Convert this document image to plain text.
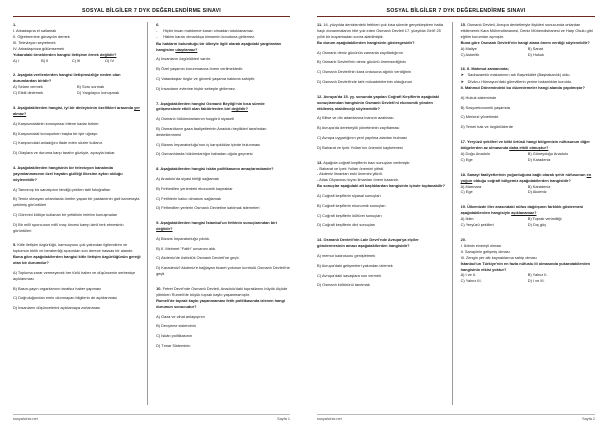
SOSYAL BİLGİLER 7 DYK DEĞERLENDİRME SINAVI

1.

I. Arkadaşına el sallamak

II. Öğretmenine günaydın demek

III. Televizyon seyretmek

IV. Arkadaşınıza gülümsemek

Yukarıdaki örneklerden hangisi iletişime örnek değildir?

A) I	B) II	C) III	D) IV

2. Aşağıda verilenlerden hangisi iletişimsizliğe neden olan durumlardan biridir?

A) Selam vermek	B) Soru sormak
C) Etkili dinlemek	D) Yargılayıcı konuşmak

3. Aşağıdakilerden hangisi, iyi bir dinleyicinin özellikleri arasında yer almaz?

A) Karşısındakinin konuşması bitene kadar bekler.

B) Karşısındaki konuşurken başka bir işle uğraşır.

C) Karşısındaki anladığını ifade eden sözler kullanır.

D) Olaylara ve duruma karşı tarafın gözüyle, açısıyla bakar.

4. Aşağıdakilerden hangisinin bir televizyon kanalında yayımlanmasının özel hayatın gizliliği ilkesine aykırı olduğu söylenebilir?

A) Tanınmış bir sanatçının bindiği çekilen tatil fotoğrafları

B) Temiz olmayan ortamlarda üretim yapan bir pastanenin gizli kamerayla çekilmiş görüntüleri

C) Görevini kötüye kullanan bir yetkilinin telefon konuşmaları

D) Bir millî sporcunun millî maç öncesi kamp izinli terk etmesinin görüntüleri

5. Kitle iletişim özgürlüğü, kamuoyunu çok yakından ilgilendiren ve toplumun birlik ve beraberliği açısından son derece hassas bir alandır.

Buna göre aşağıdakilerden hangisi kitle iletişim özgürlüğünün gereği olan bir durumdur?

A) Topluma zarar vermeyecek her türlü haber ve düşüncenin serbestçe açıklanması

B) Basın-yayın organlarının tarafsız haber yapması

C) Doğruluğundan emin olunmayan bilgilerin de açıklanması

D) İnsanların düşüncelerini açıklamaya zorlanması

6.

- Hiçbir insan mahkeme kararı olmadan tutuklanamaz.
- Hâkim kararı olmadıkça kimsenin konutuna girilemez.

Bu hakların bulunduğu bir ülkeyle ilgili olarak aşağıdaki yargılardan hangisine ulaşılamaz?

A) İnsanların özgürlükleri vardır.

B) Özel yaşamın korunmasına önem verilmektedir.

C) Vatandaşlar özgür ve güvenli yaşama hakkına sahiptir.

D) İnsanların evlerine hiçbir sebeple girilemez.

7. Aşağıdakilerden hangisi Osmanlı Beyliği'nin kısa sürede gelişmesinde etkili olan faktörlerden biri değildir?

A) Osmanlı hükümdarlarının hoşgörü siyaseti

B) Osmanlıların gaza faaliyetlerinin Anadolu beylikleri tarafından desteklenmesi

C) Bizans İmparatorluğu'nun iç karışıklıklar içinde bulunması

D) Osmanlılarda hükümdarlığın babadan oğula geçmesi

8. Aşağıdakilerden hangisi iskân politikasının amaçlarındandır?

A) Anadolu'da siyasi birliği sağlamak

B) Fethedilen yerlerdeki ekonomik kaynaklar

C) Fetihlerin kalıcı olmasını sağlamak

D) Fethedilen yerlerin Osmanlı Devletine katılmak istemeleri

9. Aşağıdakilerden hangisi İstanbul'un fethinin sonuçlarından biri değildir?

A) Bizans İmparatorluğu yıkıldı.

B) II. Mehmet "Fatih" unvanını aldı.

C) Akdeniz'de üstünlük Osmanlı Devleti'ne geçti.

D) Karadeniz'i Akdeniz'e bağlayan ticaret yolunun kontrolü Osmanlı Devleti'ne geçti.

10. Fetret Devri'nde Osmanlı Devleti, Anadolu'daki topraklarını büyük ölçüde yitirirken Rumeli'de büyük toprak kaybı yaşanmamıştır.

Rumeli'de toprak kaybı yaşanmaması fetih politikasında izlenen hangi durumun sonucudur?

A) Gaza ve cihat anlayışının

B) Devşirme sisteminin

C) İskân politikasının

D) Tımar Sisteminin

sosyalciniz.net	Sayfa 1
SOSYAL BİLGİLER 7 DYK DEĞERLENDİRME SINAVI

11. 16. yüzyılda denizlerdeki fetihleri çok kısa sürede gerçekleştiren hatta haçlı donanmalarını bile yok eden Osmanlı Devleti 17. yüzyılda Girit'i 25 yıllık bir kuşatmadan sonra alabilmiştir.

Bu durum aşağıdakilerden hangisinin göstergesidir?

A) Osmanlı deniz gücünün zamanla zayıfladığının

B) Osmanlı Devleti'nin deniz gücünü önemsediğinin

C) Osmanlı Devleti'nin kara ordusuna ağırlık verdiğinin

D) Osmanlı Devleti'nde taht mücadelelerinin olduğunun

12. Avrupa'da 15. yy. sonunda yapılan Coğrafi Keşiflerin aşağıdaki sonuçlarından hangisinin Osmanlı Devleti'ni ekonomik yönden etkilemiş olabileceği söylenebilir?

A) Kilise ve din adamlarına inancın azalması

B) Avrupa'da derebeylik yönetiminin zayıflaması

C) Avrupa uygarlığının yeni yayılma alanları bulması

D) Baharat ve İpek Yolları'nın önemini kaybetmesi

13. Aşağıda coğrafi keşiflerin bazı sonuçları verilmiştir.

- Baharat ve İpek Yolları önemini yitirdi.

- Akdeniz limanları eski önemini yitirdi.

- Atlas Okyanusu kıyısı limanları önem kazandı.

Bu sonuçlar aşağıdaki alt başlıklardan hangisinin içinde toplanabilir?

A) Coğrafi keşiflerin siyasal sonuçları

B) Coğrafi keşiflerin ekonomik sonuçları

C) Coğrafi keşiflerin kültürel sonuçları

D) Coğrafi keşiflerin dini sonuçları

14. Osmanlı Devleti'nin Lale Devri'nde Avrupa'ya elçiler göndermesinin amacı aşağıdakilerden hangisidir?

A) memur kadrosunu genişletmek

B) Avrupa'daki gelişmeleri yakından izlemek

C) Avrupa'daki savaşlara son vermek

D) Osmanlı kültürünü tanıtmak

15. Osmanlı Devleti, Avrupa devletleriyle ilişkileri sonucunda onlardan etkilenerek Kara Mühendishanesi, Deniz Mühendishanesi ve Harp Okulu gibi eğitim kurumları açmıştır.

Buna göre Osmanlı Devleti'nin hangi alana önem verdiği söylenebilir?

A) Maliye	B) Sanat
C) Askerlik	D) Hukuk

16. II. Mahmut zamanında;

➤ Sadrazamlık makamının adı Başvekâlet (Başbakanlık) oldu.
➤ Dîvân-ı Hümayun'daki görevlilerin yerine bakanlıklar kuruldu.

II. Mahmut Dönemindeki bu düzenlemeler hangi alanda yapılmıştır?

A) Hukuk sisteminde

B) Sosyoekonomik yaşamda

C) Merkezi yönetimde

D) Temel hak ve özgürlüklerde

17. Yeryüzü şekilleri ve bitki örtüsü hangi bölgemizin nüfusunun diğer bölgelerden az olmasında daha etkili olmuştur?

A) Doğu Anadolu	B) Güneydoğu Anadolu
C) Ege	D) Karadeniz

18. Sanayi faaliyetlerinin yoğunluğuna bağlı olarak şehir nüfusunun en yoğun olduğu coğrafi bölgemiz aşağıdakilerden hangisidir?

A) Marmara	B) Karadeniz
C) Ege	D) Akdeniz

19. Ülkemizde iller arasındaki nüfus dağılışının farklılık göstermesi aşağıdakilerden hangisiyle açıklanamaz?

A) İklim	B) Toprak verimliliği
C) Yeryüzü şekilleri	D) Dış göç

20.

I. İklimin elverişli olması

II. Sanayinin gelişmiş olması

III. Zengin yer altı kaynaklarına sahip olması

İstanbul'un Türkiye'nin en fazla nüfuslu ili olmasında yukarıdakilerden hangisinin etkisi yoktur?

A) I ve II.	B) Yalnız II.
C) Yalnız III.	D) I ve III.
sosyalciniz.net	Sayfa 2
